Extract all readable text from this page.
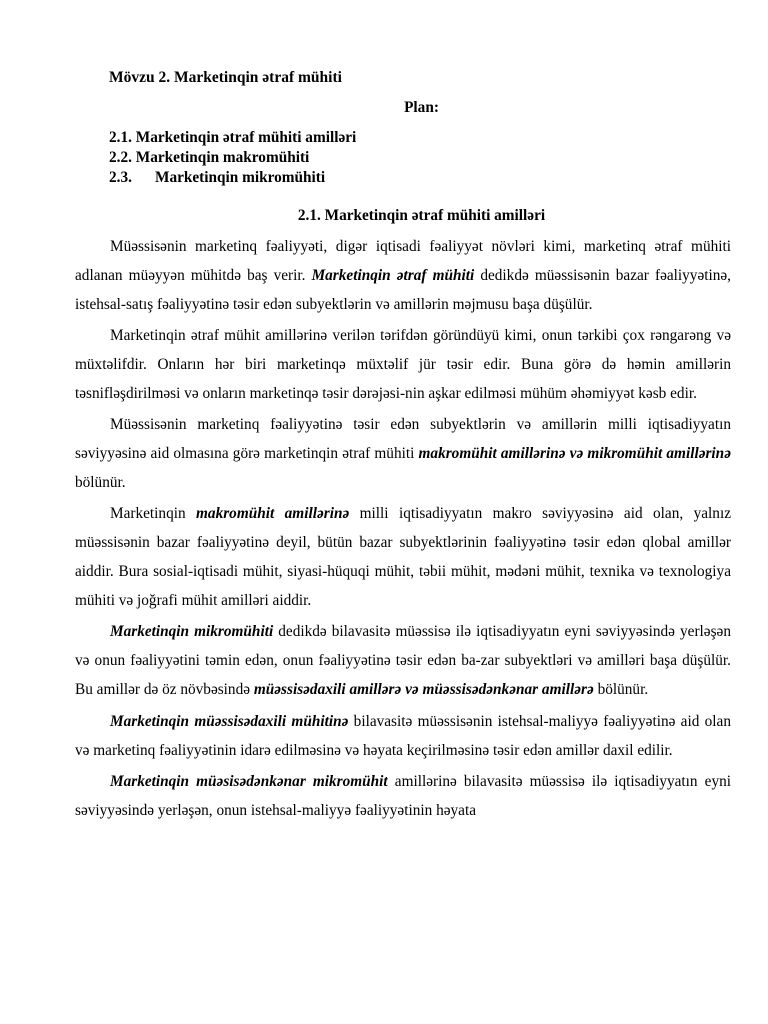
Mövzu 2. Marketinqin ətraf mühiti

Plan:

2.1. Marketinqin ətraf mühiti amilləri
2.2. Marketinqin makromühiti
2.3. Marketinqin mikromühiti

2.1. Marketinqin ətraf mühiti amilləri

Müəssisənin marketinq fəaliyyəti, digər iqtisadi fəaliyyət növləri kimi, marketinq ətraf mühiti adlanan müəyyən mühitdə baş verir. Marketinqin ətraf mühiti dedikdə müəssisənin bazar fəaliyyətinə, istehsal-satış fəaliyyətinə təsir edən subyektlərin və amillərin məjmusu başa düşülür.

Marketinqin ətraf mühit amillərinə verilən tərifdən göründüyü kimi, onun tərkibi çox rəngarəng və müxtəlifdir. Onların hər biri marketinqə müxtəlif jür təsir edir. Buna görə də həmin amillərin təsnifləşdirilməsi və onların marketinqə təsir dərəjəsi-nin aşkar edilməsi mühüm əhəmiyyət kəsb edir.

Müəssisənin marketinq fəaliyyətinə təsir edən subyektlərin və amillərin milli iqtisadiyyatın səviyyəsinə aid olmasına görə marketinqin ətraf mühiti makromühit amillərinə və mikromühit amillərinə bölünür.

Marketinqin makromühit amillərinə milli iqtisadiyyatın makro səviyyəsinə aid olan, yalnız müəssisənin bazar fəaliyyətinə deyil, bütün bazar subyektlərinin fəaliyyətinə təsir edən qlobal amillər aiddir. Bura sosial-iqtisadi mühit, siyasi-hüquqi mühit, təbii mühit, mədəni mühit, texnika və texnologiya mühiti və joğrafi mühit amilləri aiddir.

Marketinqin mikromühiti dedikdə bilavasitə müəssisə ilə iqtisadiyyatın eyni səviyyəsində yerləşən və onun fəaliyyətini təmin edən, onun fəaliyyətinə təsir edən ba-zar subyektləri və amilləri başa düşülür. Bu amillər də öz növbəsində müəssisədaxili amillərə və müəssisədənkənar amillərə bölünür.

Marketinqin müəssisədaxili mühitinə bilavasitə müəssisənin istehsal-maliyyə fəaliyyətinə aid olan və marketinq fəaliyyətinin idarə edilməsinə və həyata keçirilməsinə təsir edən amillər daxil edilir.

Marketinqin müəsisədənkənar mikromühit amillərinə bilavasitə müəssisə ilə iqtisadiyyatın eyni səviyyəsində yerləşən, onun istehsal-maliyyə fəaliyyətinin həyata
